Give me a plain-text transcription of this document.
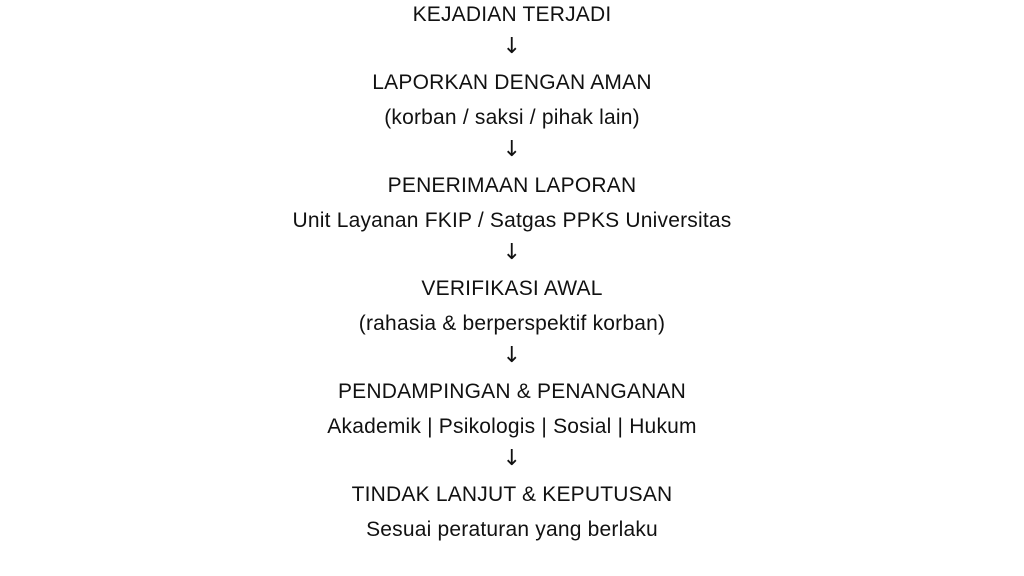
KEJADIAN TERJADI
↓
LAPORKAN DENGAN AMAN
(korban / saksi / pihak lain)
↓
PENERIMAAN LAPORAN
Unit Layanan FKIP / Satgas PPKS Universitas
↓
VERIFIKASI AWAL
(rahasia & berperspektif korban)
↓
PENDAMPINGAN & PENANGANAN
Akademik | Psikologis | Sosial | Hukum
↓
TINDAK LANJUT & KEPUTUSAN
Sesuai peraturan yang berlaku
